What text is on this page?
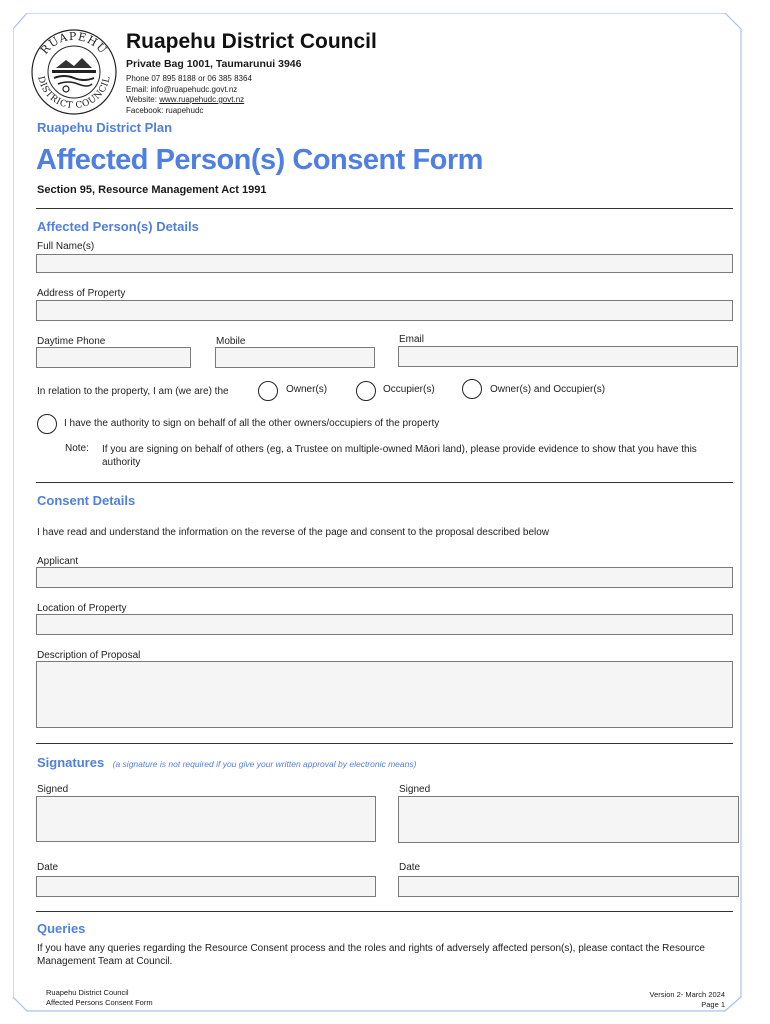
RUAPEHU
DISTRICT COUNCIL
Ruapehu District Council
Private Bag 1001, Taumarunui 3946
Phone 07 895 8188 or 06 385 8364
Email: info@ruapehudc.govt.nz
Website: www.ruapehudc.govt.nz
Facebook: ruapehudc
Ruapehu District Plan
Affected Person(s) Consent Form
Section 95, Resource Management Act 1991
Affected Person(s) Details
Full Name(s)
Address of Property
Daytime Phone	Mobile	Email
In relation to the property, I am (we are) the	Owner(s)	Occupier(s)	Owner(s) and Occupier(s)
I have the authority to sign on behalf of all the other owners/occupiers of the property
Note: If you are signing on behalf of others (eg, a Trustee on multiple-owned Māori land), please provide evidence to show that you have this authority
Consent Details
I have read and understand the information on the reverse of the page and consent to the proposal described below
Applicant
Location of Property
Description of Proposal
Signatures (a signature is not required if you give your written approval by electronic means)
Signed	Signed
Date	Date
Queries
If you have any queries regarding the Resource Consent process and the roles and rights of adversely affected person(s), please contact the Resource Management Team at Council.
Ruapehu District Council
Affected Persons Consent Form
Version 2- March 2024
Page 1
